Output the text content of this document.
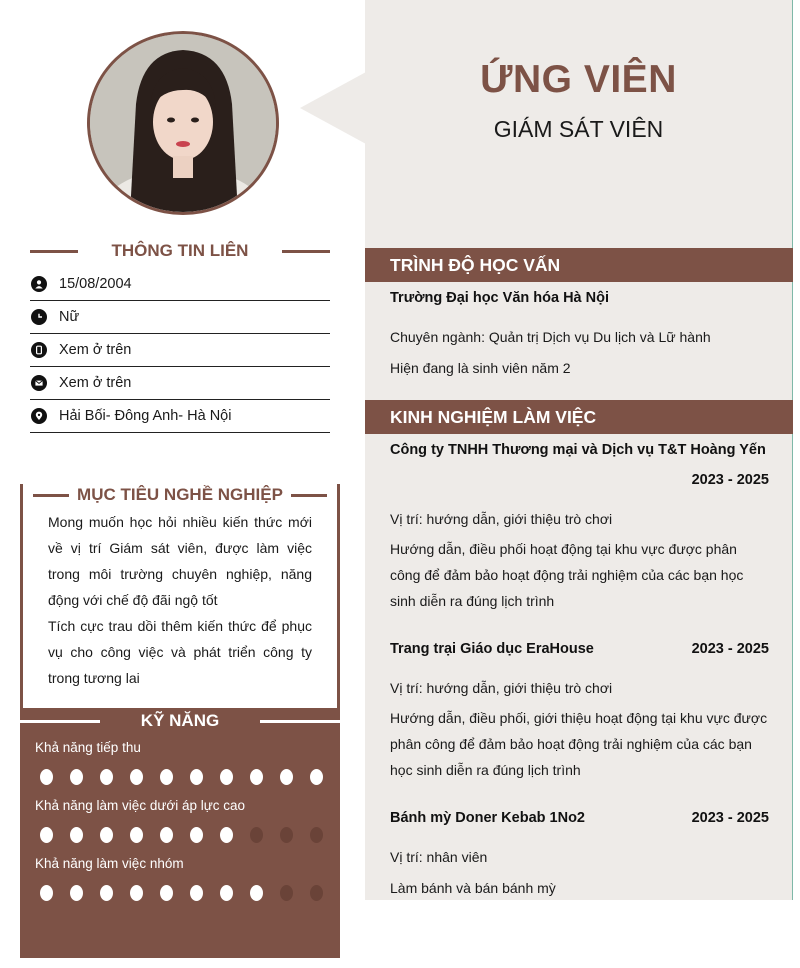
ỨNG VIÊN
GIÁM SÁT VIÊN
THÔNG TIN LIÊN
15/08/2004
Nữ
Xem ở trên
Xem ở trên
Hải Bối- Đông Anh- Hà Nội
MỤC TIÊU NGHỀ NGHIỆP

Mong muốn học hỏi nhiều kiến thức mới về vị trí Giám sát viên, được làm việc trong môi trường chuyên nghiệp, năng động với chế độ đãi ngộ tốt

Tích cực trau dồi thêm kiến thức để phục vụ cho công việc và phát triển công ty trong tương lai

KỸ NĂNG
Khả năng tiếp thu
Khả năng làm việc dưới áp lực cao
Khả năng làm việc nhóm
TRÌNH ĐỘ HỌC VẤN
Trường Đại học Văn hóa Hà Nội
Chuyên ngành: Quản trị Dịch vụ Du lịch và Lữ hành
Hiện đang là sinh viên năm 2
KINH NGHIỆM LÀM VIỆC
Công ty TNHH Thương mại và Dịch vụ T&T Hoàng Yến
2023 - 2025
Vị trí: hướng dẫn, giới thiệu trò chơi
Hướng dẫn, điều phối hoạt động tại khu vực được phân công để đảm bảo hoạt động trải nghiệm của các bạn học sinh diễn ra đúng lịch trình
Trang trại Giáo dục EraHouse	2023 - 2025
Vị trí: hướng dẫn, giới thiệu trò chơi
Hướng dẫn, điều phối, giới thiệu hoạt động tại khu vực được phân công để đảm bảo hoạt động trải nghiệm của các bạn học sinh diễn ra đúng lịch trình
Bánh mỳ Doner Kebab 1No2	2023 - 2025
Vị trí: nhân viên
Làm bánh và bán bánh mỳ
